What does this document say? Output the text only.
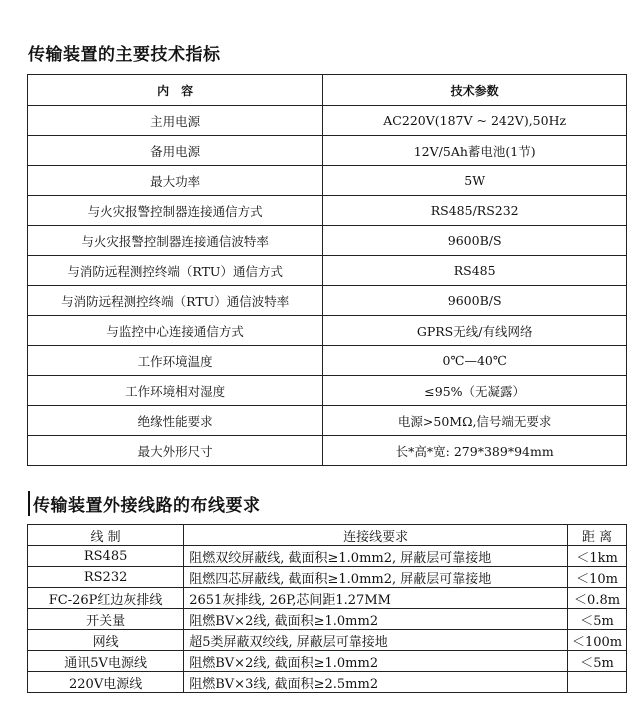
传输装置的主要技术指标
内　容	技术参数
主用电源	AC220V(187V ~ 242V),50Hz
备用电源	12V/5Ah蓄电池(1节)
最大功率	5W
与火灾报警控制器连接通信方式	RS485/RS232
与火灾报警控制器连接通信波特率	9600B/S
与消防远程测控终端（RTU）通信方式	RS485
与消防远程测控终端（RTU）通信波特率	9600B/S
与监控中心连接通信方式	GPRS无线/有线网络
工作环境温度	0℃—40℃
工作环境相对湿度	≤95%（无凝露）
绝缘性能要求	电源>50MΩ,信号端无要求
最大外形尺寸	长*高*宽: 279*389*94mm
传输装置外接线路的布线要求
线 制	连接线要求	距 离
RS485	阻燃双绞屏蔽线, 截面积≥1.0mm2, 屏蔽层可靠接地	＜1km
RS232	阻燃四芯屏蔽线, 截面积≥1.0mm2, 屏蔽层可靠接地	＜10m
FC-26P红边灰排线	2651灰排线, 26P,芯间距1.27MM	＜0.8m
开关量	阻燃BV×2线, 截面积≥1.0mm2	＜5m
网线	超5类屏蔽双绞线, 屏蔽层可靠接地	＜100m
通讯5V电源线	阻燃BV×2线, 截面积≥1.0mm2	＜5m
220V电源线	阻燃BV×3线, 截面积≥2.5mm2	
